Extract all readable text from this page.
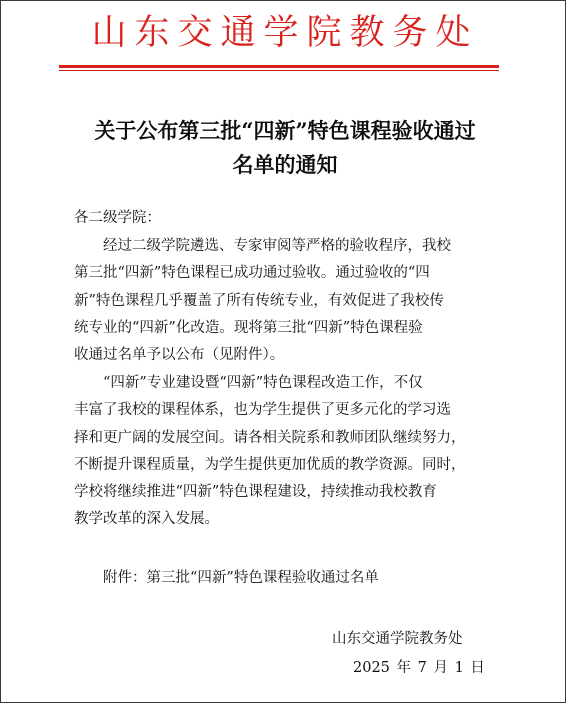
山东交通学院教务处
关于公布第三批“四新”特色课程验收通过
名单的通知
各二级学院：
经过二级学院遴选、专家审阅等严格的验收程序，我校
第三批“四新”特色课程已成功通过验收。通过验收的“四
新”特色课程几乎覆盖了所有传统专业，有效促进了我校传
统专业的“四新”化改造。现将第三批“四新”特色课程验
收通过名单予以公布（见附件）。
“四新”专业建设暨“四新”特色课程改造工作，不仅
丰富了我校的课程体系，也为学生提供了更多元化的学习选
择和更广阔的发展空间。请各相关院系和教师团队继续努力，
不断提升课程质量，为学生提供更加优质的教学资源。同时，
学校将继续推进“四新”特色课程建设，持续推动我校教育
教学改革的深入发展。
附件：第三批“四新”特色课程验收通过名单
山东交通学院教务处
2025 年 7 月 1 日
